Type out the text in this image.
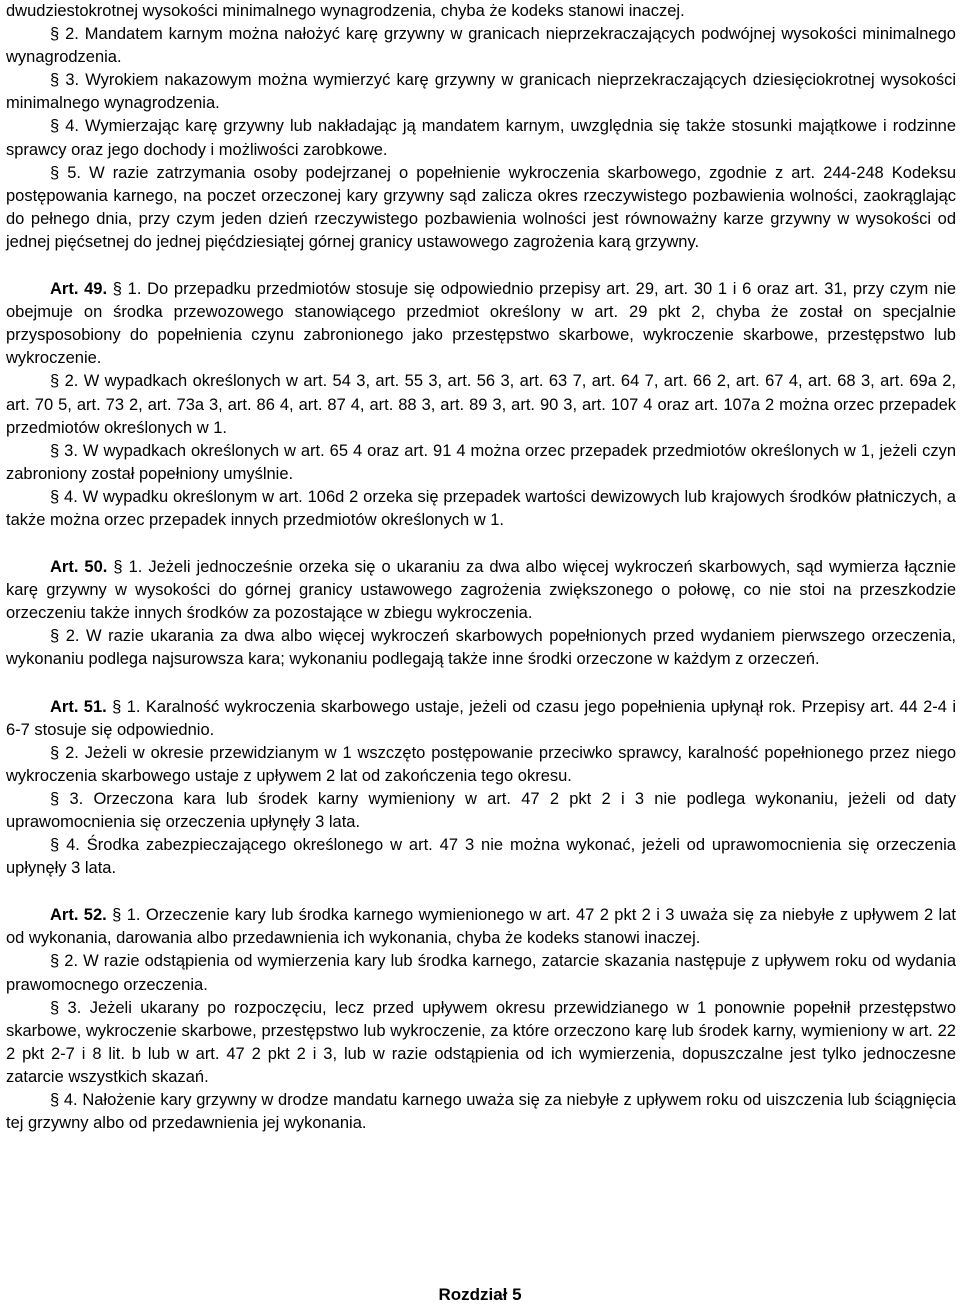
dwudziestokrotnej wysokości minimalnego wynagrodzenia, chyba że kodeks stanowi inaczej.

§ 2. Mandatem karnym można nałożyć karę grzywny w granicach nieprzekraczających podwójnej wysokości minimalnego wynagrodzenia.

§ 3. Wyrokiem nakazowym można wymierzyć karę grzywny w granicach nieprzekraczających dziesięciokrotnej wysokości minimalnego wynagrodzenia.

§ 4. Wymierzając karę grzywny lub nakładając ją mandatem karnym, uwzględnia się także stosunki majątkowe i rodzinne sprawcy oraz jego dochody i możliwości zarobkowe.

§ 5. W razie zatrzymania osoby podejrzanej o popełnienie wykroczenia skarbowego, zgodnie z art. 244-248 Kodeksu postępowania karnego, na poczet orzeczonej kary grzywny sąd zalicza okres rzeczywistego pozbawienia wolności, zaokrąglając do pełnego dnia, przy czym jeden dzień rzeczywistego pozbawienia wolności jest równoważny karze grzywny w wysokości od jednej pięćsetnej do jednej pięćdziesiątej górnej granicy ustawowego zagrożenia karą grzywny.

Art. 49. § 1. Do przepadku przedmiotów stosuje się odpowiednio przepisy art. 29, art. 30 1 i 6 oraz art. 31, przy czym nie obejmuje on środka przewozowego stanowiącego przedmiot określony w art. 29 pkt 2, chyba że został on specjalnie przysposobiony do popełnienia czynu zabronionego jako przestępstwo skarbowe, wykroczenie skarbowe, przestępstwo lub wykroczenie.

§ 2. W wypadkach określonych w art. 54 3, art. 55 3, art. 56 3, art. 63 7, art. 64 7, art. 66 2, art. 67 4, art. 68 3, art. 69a 2, art. 70 5, art. 73 2, art. 73a 3, art. 86 4, art. 87 4, art. 88 3, art. 89 3, art. 90 3, art. 107 4 oraz art. 107a 2 można orzec przepadek przedmiotów określonych w 1.

§ 3. W wypadkach określonych w art. 65 4 oraz art. 91 4 można orzec przepadek przedmiotów określonych w 1, jeżeli czyn zabroniony został popełniony umyślnie.

§ 4. W wypadku określonym w art. 106d 2 orzeka się przepadek wartości dewizowych lub krajowych środków płatniczych, a także można orzec przepadek innych przedmiotów określonych w 1.

Art. 50. § 1. Jeżeli jednocześnie orzeka się o ukaraniu za dwa albo więcej wykroczeń skarbowych, sąd wymierza łącznie karę grzywny w wysokości do górnej granicy ustawowego zagrożenia zwiększonego o połowę, co nie stoi na przeszkodzie orzeczeniu także innych środków za pozostające w zbiegu wykroczenia.

§ 2. W razie ukarania za dwa albo więcej wykroczeń skarbowych popełnionych przed wydaniem pierwszego orzeczenia, wykonaniu podlega najsurowsza kara; wykonaniu podlegają także inne środki orzeczone w każdym z orzeczeń.

Art. 51. § 1. Karalność wykroczenia skarbowego ustaje, jeżeli od czasu jego popełnienia upłynął rok. Przepisy art. 44 2-4 i 6-7 stosuje się odpowiednio.

§ 2. Jeżeli w okresie przewidzianym w 1 wszczęto postępowanie przeciwko sprawcy, karalność popełnionego przez niego wykroczenia skarbowego ustaje z upływem 2 lat od zakończenia tego okresu.

§ 3. Orzeczona kara lub środek karny wymieniony w art. 47 2 pkt 2 i 3 nie podlega wykonaniu, jeżeli od daty uprawomocnienia się orzeczenia upłynęły 3 lata.

§ 4. Środka zabezpieczającego określonego w art. 47 3 nie można wykonać, jeżeli od uprawomocnienia się orzeczenia upłynęły 3 lata.

Art. 52. § 1. Orzeczenie kary lub środka karnego wymienionego w art. 47 2 pkt 2 i 3 uważa się za niebyłe z upływem 2 lat od wykonania, darowania albo przedawnienia ich wykonania, chyba że kodeks stanowi inaczej.

§ 2. W razie odstąpienia od wymierzenia kary lub środka karnego, zatarcie skazania następuje z upływem roku od wydania prawomocnego orzeczenia.

§ 3. Jeżeli ukarany po rozpoczęciu, lecz przed upływem okresu przewidzianego w 1 ponownie popełnił przestępstwo skarbowe, wykroczenie skarbowe, przestępstwo lub wykroczenie, za które orzeczono karę lub środek karny, wymieniony w art. 22 2 pkt 2-7 i 8 lit. b lub w art. 47 2 pkt 2 i 3, lub w razie odstąpienia od ich wymierzenia, dopuszczalne jest tylko jednoczesne zatarcie wszystkich skazań.

§ 4. Nałożenie kary grzywny w drodze mandatu karnego uważa się za niebyłe z upływem roku od uiszczenia lub ściągnięcia tej grzywny albo od przedawnienia jej wykonania.

Rozdział 5
